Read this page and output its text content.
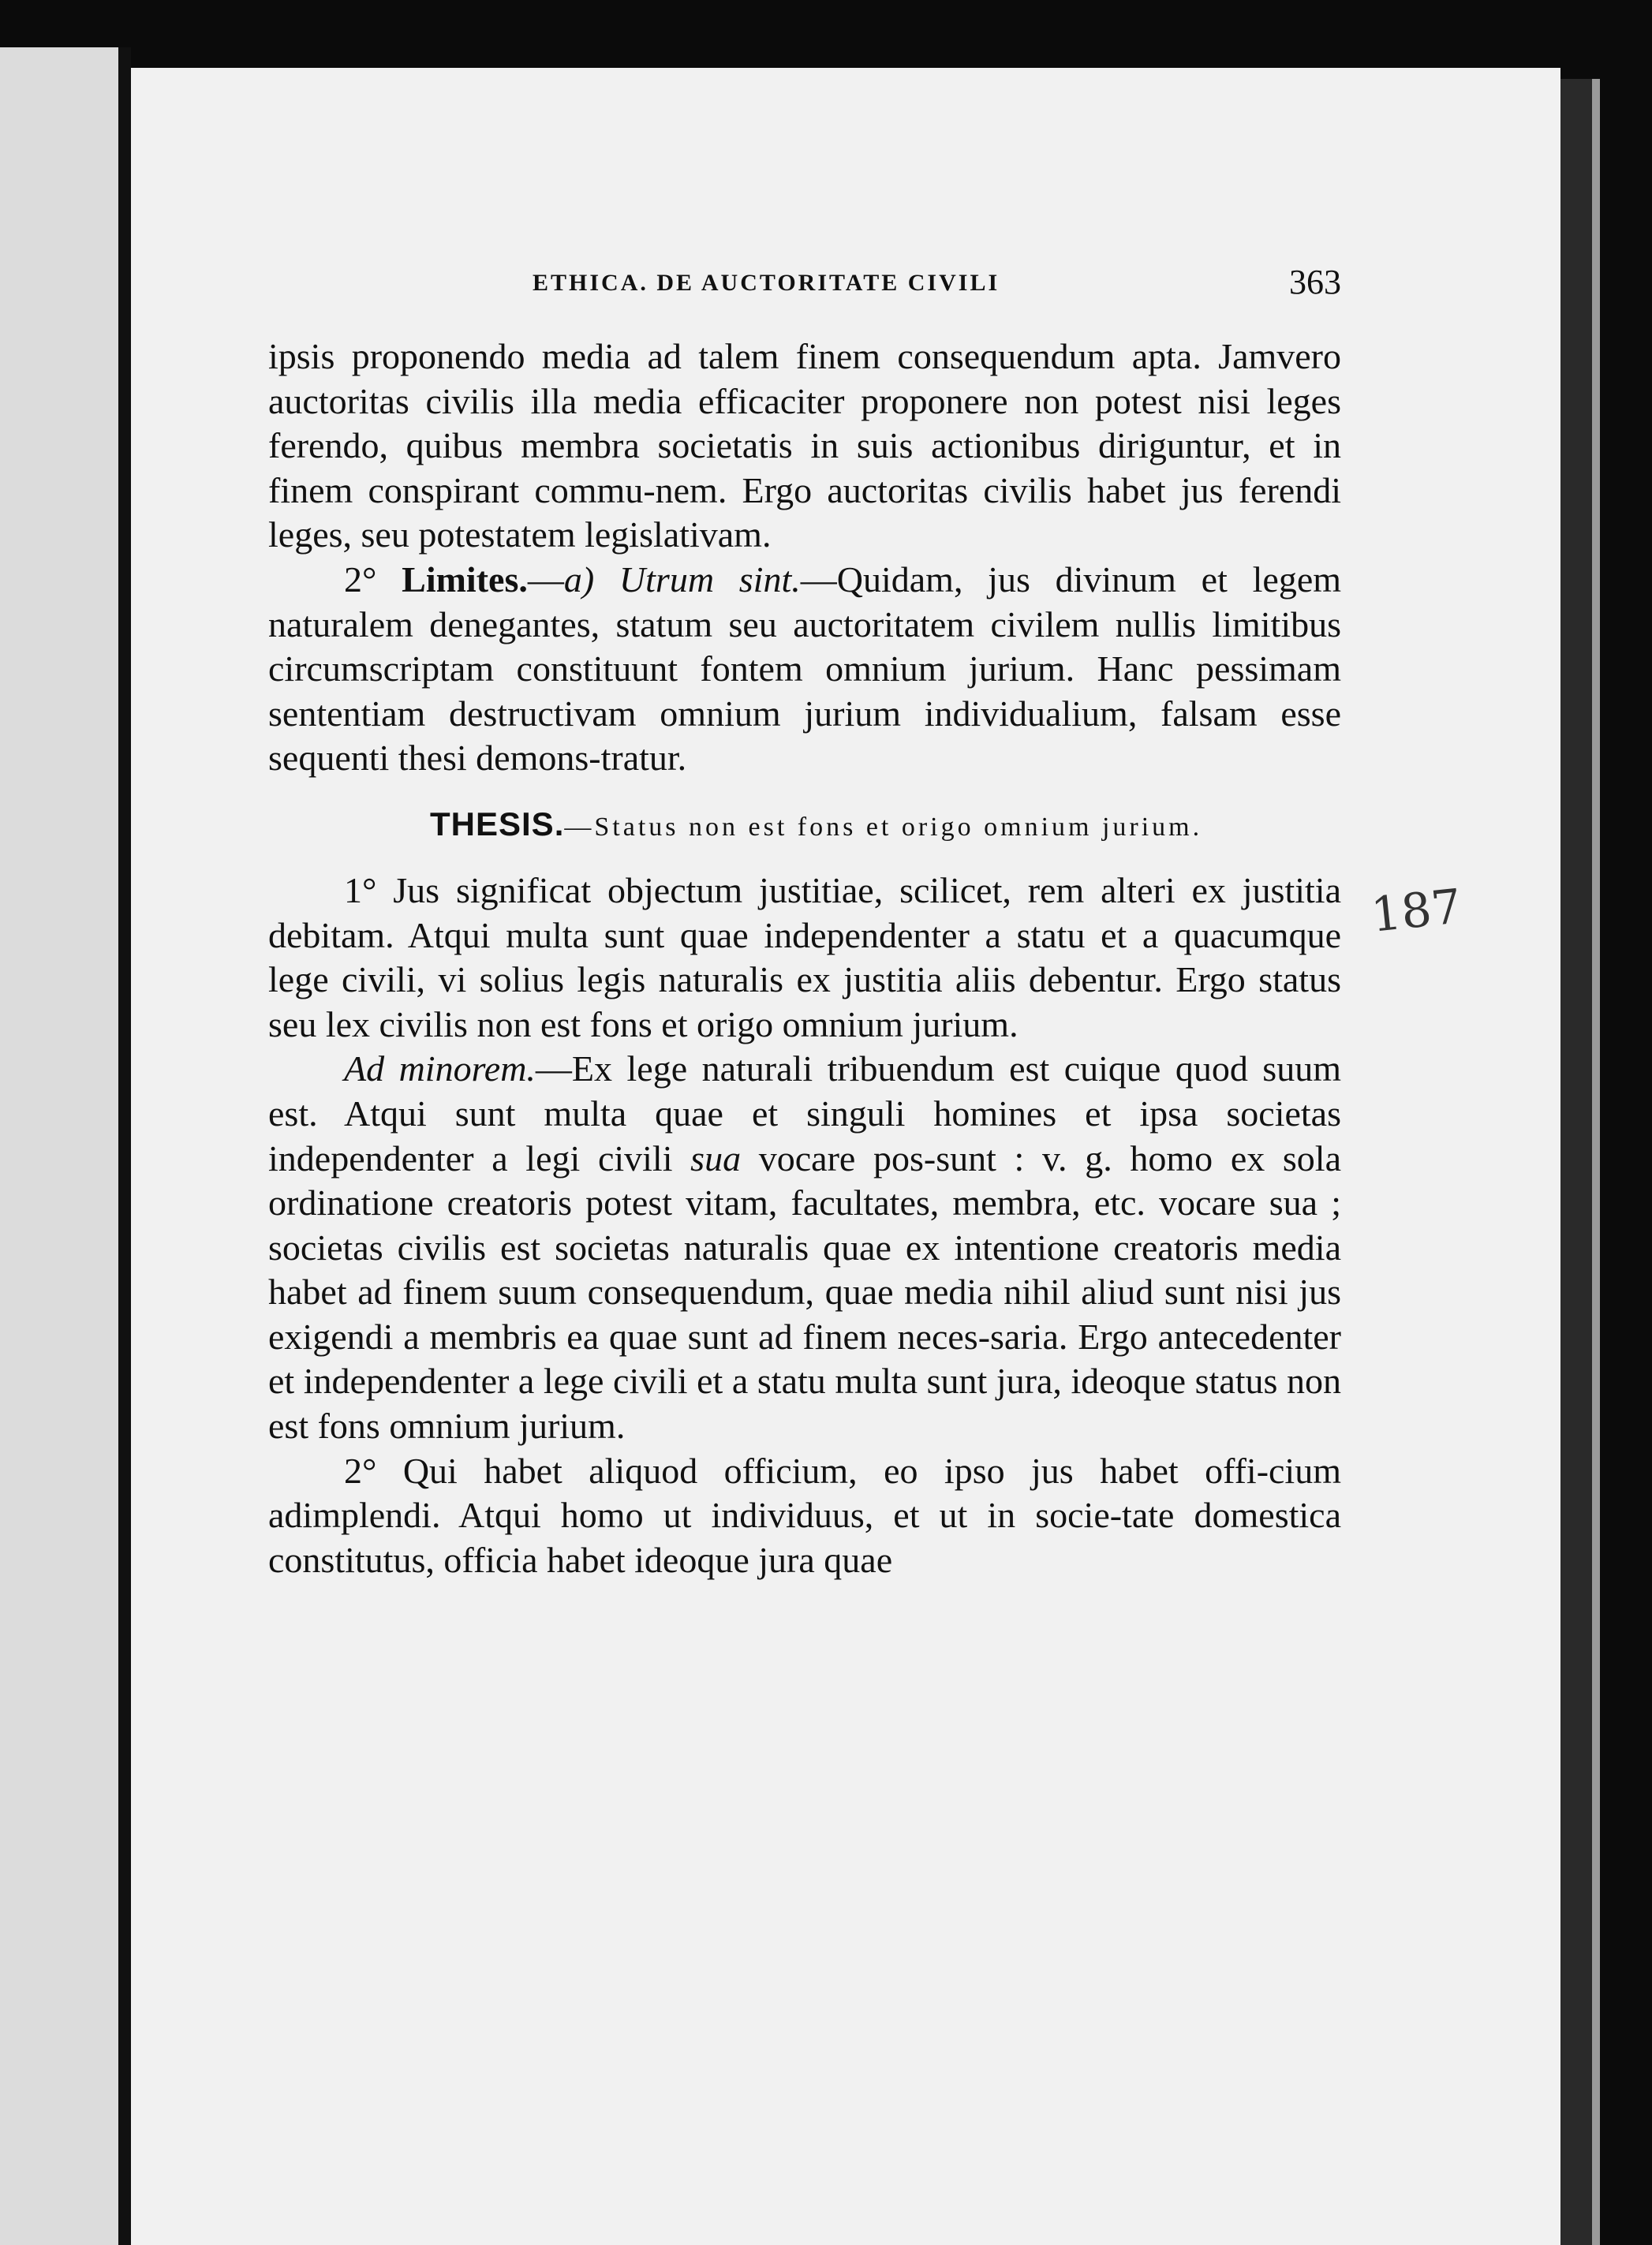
ETHICA. DE AUCTORITATE CIVILI	363

ipsis proponendo media ad talem finem consequendum apta. Jamvero auctoritas civilis illa media efficaciter proponere non potest nisi leges ferendo, quibus membra societatis in suis actionibus diriguntur, et in finem conspirant commu-nem. Ergo auctoritas civilis habet jus ferendi leges, seu potestatem legislativam.

2° Limites.—a) Utrum sint.—Quidam, jus divinum et legem naturalem denegantes, statum seu auctoritatem civilem nullis limitibus circumscriptam constituunt fontem omnium jurium. Hanc pessimam sententiam destructivam omnium jurium individualium, falsam esse sequenti thesi demons-tratur.

THESIS.—Status non est fons et origo omnium jurium.

1° Jus significat objectum justitiae, scilicet, rem alteri ex justitia debitam. Atqui multa sunt quae independenter a statu et a quacumque lege civili, vi solius legis naturalis ex justitia aliis debentur. Ergo status seu lex civilis non est fons et origo omnium jurium.

Ad minorem.—Ex lege naturali tribuendum est cuique quod suum est. Atqui sunt multa quae et singuli homines et ipsa societas independenter a legi civili sua vocare pos-sunt : v. g. homo ex sola ordinatione creatoris potest vitam, facultates, membra, etc. vocare sua ; societas civilis est societas naturalis quae ex intentione creatoris media habet ad finem suum consequendum, quae media nihil aliud sunt nisi jus exigendi a membris ea quae sunt ad finem neces-saria. Ergo antecedenter et independenter a lege civili et a statu multa sunt jura, ideoque status non est fons omnium jurium.

2° Qui habet aliquod officium, eo ipso jus habet offi-cium adimplendi. Atqui homo ut individuus, et ut in socie-tate domestica constitutus, officia habet ideoque jura quae

187
